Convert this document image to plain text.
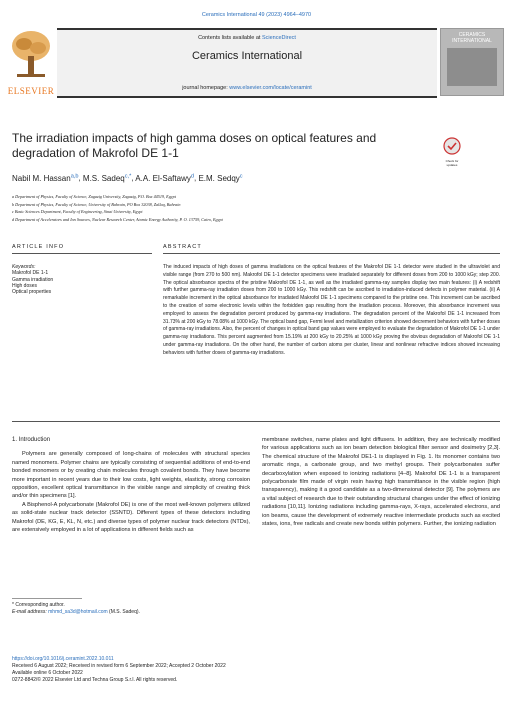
Ceramics International 49 (2023) 4964–4970
ELSEVIER
Contents lists available at ScienceDirect
Ceramics International
journal homepage: www.elsevier.com/locate/ceramint
CERAMICS INTERNATIONAL
The irradiation impacts of high gamma doses on optical features and degradation of Makrofol DE 1-1
Check for updates
Nabil M. Hassan$^{a,b}$, M.S. Sadeq$^{c,*}$, A.A. El-Saftawy$^d$, E.M. Sedqy$^c$
a Department of Physics, Faculty of Science, Zagazig University, Zagazig, P.O. Box 44519, Egypt
b Department of Physics, Faculty of Science, University of Bahrain, PO Box 32038, Zallaq, Bahrain
c Basic Sciences Department, Faculty of Engineering, Sinai University, Egypt
d Department of Accelerators and Ion Sources, Nuclear Research Center, Atomic Energy Authority, P. O. 13759, Cairo, Egypt
ARTICLE INFO	ABSTRACT
Keywords:
Makrofol DE 1-1
Gamma irradiation
High doses
Optical properties
The induced impacts of high doses of gamma irradiations on the optical features of the Makrofol DE 1-1 detector were studied in the ultraviolet and visible range (from 270 to 500 nm). Makrofol DE 1-1 detector specimens were irradiated separately for different doses from 200 to 1000 kGy; step 200. The optical absorbance spectra of the pristine Makrofol DE 1-1, as well as the irradiated gamma-ray samples display two main features: (i) A redshift with further gamma-ray irradiation doses from 200 to 1000 kGy. This redshift can be ascribed to irradiation-induced defects in polymer material. (ii) A remarkable increment in the optical absorbance for irradiated Makrofol DE 1-1 specimens compared to the pristine one. This increment can be ascribed to the creation of some electronic levels within the forbidden gap resulting from the irradiation process. Moreover, this absorbance increment was employed to assess the degradation percent produced by gamma-ray irradiations. The degradation percent of the Makrofol DE 1-1 increased from 31.73% at 200 kGy to 78.08% at 1000 kGy. The optical band gap, Fermi level and metallization criterion showed decrement behaviors with further doses of gamma-ray irradiations. Also, the percent of changes in optical band gap values were employed to evaluate the degradation of Makrofol DE 1-1 under gamma-ray irradiations. This percent augmented from 15.19% at 200 kGy to 20.25% at 1000 kGy proving the obvious degradation of Makrofol DE 1-1 under gamma-ray irradiations. On the other hand, the number of carbon atoms per cluster, linear and nonlinear refractive indices showed increasing behaviors with further doses of gamma-ray irradiations.
1. Introduction

Polymers are generally composed of long-chains of molecules with structural species named monomers. Polymer chains are typically consisting of sequential additions of end-to-end bonded monomers or by creating chain molecules through covalent bonds. They have become more important in recent years due to their low costs, light weights, elasticity, strong corrosion opposition, excellent optical transmittance in the visible range and simplicity of creating thick and/or thin specimens [1].

A Bisphenol-A polycarbonate (Makrofol DE) is one of the most well-known polymers utilized as solid-state nuclear track detector (SSNTD). Different types of these detectors including Makrofol (DE, KG, E, KL, N, etc.) and diverse types of polymer nuclear track detectors (NTDs), are extensively employed in a lot of applications in different fields such as

membrane switches, name plates and light diffusers. In addition, they are technically modified for various applications such as ion beam detection biological filter sensor and dosimetry [2,3]. The chemical structure of the Makrofol DE1-1 is displayed in Fig. 1. Its monomer contains two aromatic rings, a carbonate group, and two methyl groups. Their polycarbonates suffer decarboxylation when exposed to ionizing radiations [4–8]. Makrofol DE 1-1 is a transparent polycarbonate film made of virgin resin having high transmittance in the visible region (high transparency), making it a good candidate as a two-dimensional detector [9]. The polymers are a vital subject of research due to their outstanding structural changes under the effect of ionizing radiations [10,11]. Ionizing radiations including gamma-rays, X-rays, accelerated electrons, and ion beams, cause the development of extremely reactive intermediate products such as excited states, ions, free radicals and create new bonds within polymers. Further, the ionizing radiation

* Corresponding author.
E-mail address: mhmd_sa3d@hotmail.com (M.S. Sadeq).
https://doi.org/10.1016/j.ceramint.2022.10.011
Received 6 August 2022; Received in revised form 6 September 2022; Accepted 2 October 2022
Available online 6 October 2022
0272-8842/© 2022 Elsevier Ltd and Techna Group S.r.l. All rights reserved.
